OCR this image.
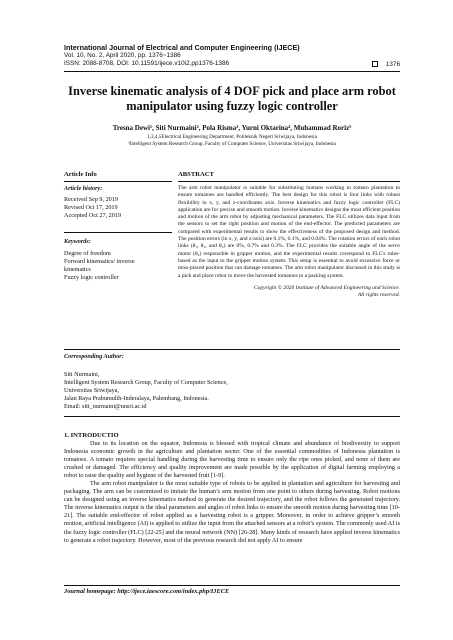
International Journal of Electrical and Computer Engineering (IJECE)
Vol. 10, No. 2, April 2020, pp. 1376~1386
ISSN: 2088-8708, DOI: 10.11591/ijece.v10i2.pp1376-1386	1376
Inverse kinematic analysis of 4 DOF pick and place arm robot manipulator using fuzzy logic controller
Tresna Dewi¹, Siti Nurmaini², Pola Risma³, Yurni Oktarina⁴, Muhammad Roriz⁵
1,3,4,5Electrical Engineering Department, Politeknik Negeri Sriwijaya, Indonesia
²Intelligent System Research Group, Faculty of Computer Science, Universitas Sriwijaya, Indonesia
Article Info
Article history:
Received Sep 9, 2019
Revised Oct 17, 2019
Accepted Oct 27, 2019
Keywords:
Degree of freedom
Forward kinematics/ inverse
kinematics
Fuzzy logic controller
ABSTRACT
The arm robot manipulator is suitable for substituting humans working in tomato plantation to ensure tomatoes are handled efficiently. The best design for this robot is four links with robust flexibility in x, y, and z-coordinates axis. Inverse kinematics and fuzzy logic controller (FLC) application are for precise and smooth motion. Inverse kinematics designs the most efficient position and motion of the arm robot by adjusting mechanical parameters. The FLC utilizes data input from the sensors to set the right position and motion of the end-effector. The predicted parameters are compared with experimental results to show the effectiveness of the proposed design and method. The position errors (in x, y, and z-axis) are 0.1%, 0.1%, and 0.04%. The rotation errors of each robot links (θ₁, θ₂, and θ₃) are 0%, 0.7% and 0.3%. The FLC provides the suitable angle of the servo motor (θ₄) responsible in gripper motion, and the experimental results correspond to FLC's rules-based as the input to the gripper motion system. This setup is essential to avoid excessive force or miss-placed position that can damage tomatoes. The arm robot manipulator discussed in this study is a pick and place robot to move the harvested tomatoes to a packing system.
Copyright © 2020 Institute of Advanced Engineering and Science.
All rights reserved.
Corresponding Author:
Siti Nurmaini,
Intelligent System Research Group, Faculty of Computer Science,
Universitas Sriwijaya,
Jalan Raya Prabumulih-Inderalaya, Palembang, Indonesia.
Email: siti_nurmaini@unsri.ac.id
1. INTRODUCTIO

Due to its location on the equator, Indonesia is blessed with tropical climate and abundance of biodiversity to support Indonesia economic growth in the agriculture and plantation sector. One of the essential commodities of Indonesia plantation is tomatoes. A tomato requires special handling during the harvesting time to ensure only the ripe ones picked, and none of them are crushed or damaged. The efficiency and quality improvement are made possible by the application of digital farming employing a robot to raise the quality and hygiene of the harvested fruit [1-9].

The arm robot manipulator is the most suitable type of robots to be applied in plantation and agriculture for harvesting and packaging. The arm can be customized to imitate the human’s arm motion from one point to others during harvesting. Robot motions can be designed using an inverse kinematics method to generate the desired trajectory, and the robot follows the generated trajectory. The inverse kinematics output is the ideal parameters and angles of robot links to ensure the smooth motion during harvesting time [10-21]. The suitable end-effector of robot applied as a harvesting robot is a gripper. Moreover, in order to achieve gripper’s smooth motion, artificial intelligence (AI) is applied to utilize the input from the attached sensors at a robot’s system. The commonly used AI is the fuzzy logic controller (FLC) [22-25] and the neural network (NN) [26-28]. Many kinds of research have applied inverse kinematics to generate a robot trajectory. However, most of the previous research did not apply AI to ensure

Journal homepage: http://ijece.iaescore.com/index.php/IJECE
